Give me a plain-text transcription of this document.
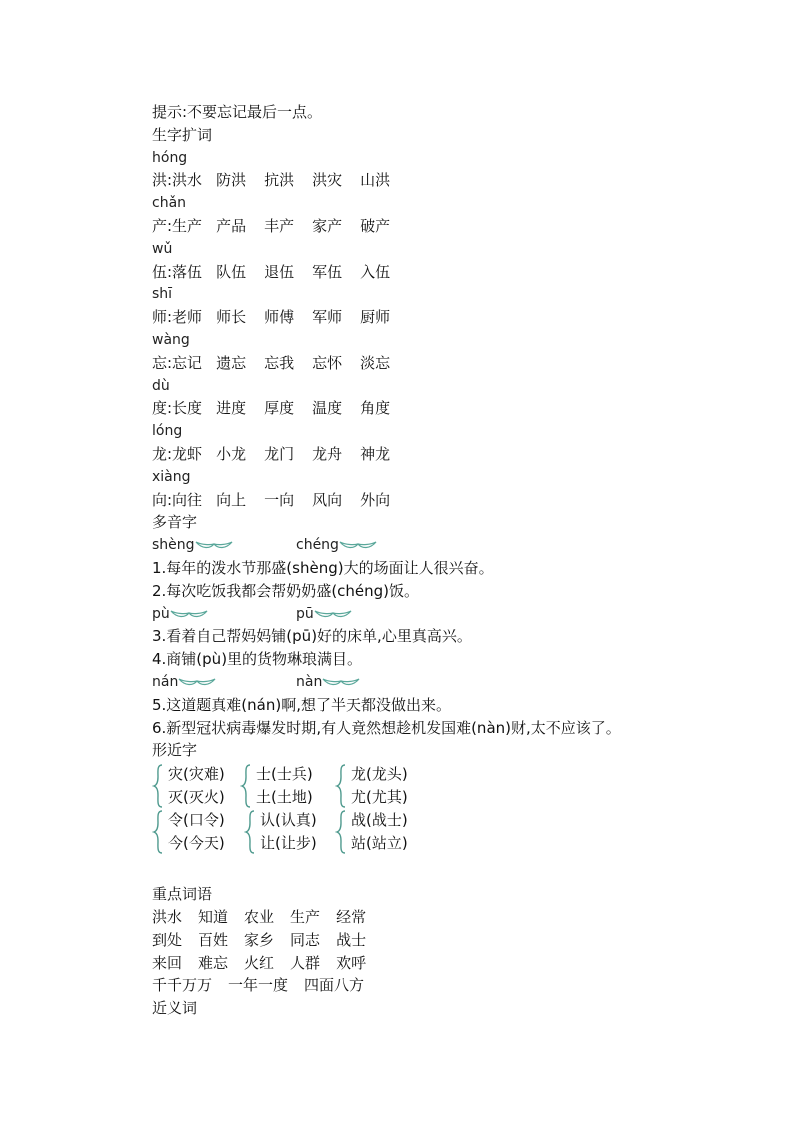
提示:不要忘记最后一点。
生字扩词
hóng
洪:洪水 防洪 抗洪 洪灾 山洪
chǎn
产:生产 产品 丰产 家产 破产
wǔ
伍:落伍 队伍 退伍 军伍 入伍
shī
师:老师 师长 师傅 军师 厨师
wàng
忘:忘记 遗忘 忘我 忘怀 淡忘
dù
度:长度 进度 厚度 温度 角度
lóng
龙:龙虾 小龙 龙门 龙舟 神龙
xiàng
向:向往 向上 一向 风向 外向
多音字
shèng	chéng
1.每年的泼水节那盛(shèng)大的场面让人很兴奋。
2.每次吃饭我都会帮奶奶盛(chéng)饭。
pù	pū
3.看着自己帮妈妈铺(pū)好的床单,心里真高兴。
4.商铺(pù)里的货物琳琅满目。
nán	nàn
5.这道题真难(nán)啊,想了半天都没做出来。
6.新型冠状病毒爆发时期,有人竟然想趁机发国难(nàn)财,太不应该了。
形近字
灾(灾难)
灭(灭火)
士(士兵)
土(土地)
龙(龙头)
尤(尤其)
令(口令)
今(今天)
认(认真)
让(让步)
战(战士)
站(站立)
重点词语
洪水 知道 农业 生产 经常
到处 百姓 家乡 同志 战士
来回 难忘 火红 人群 欢呼
千千万万 一年一度 四面八方
近义词
